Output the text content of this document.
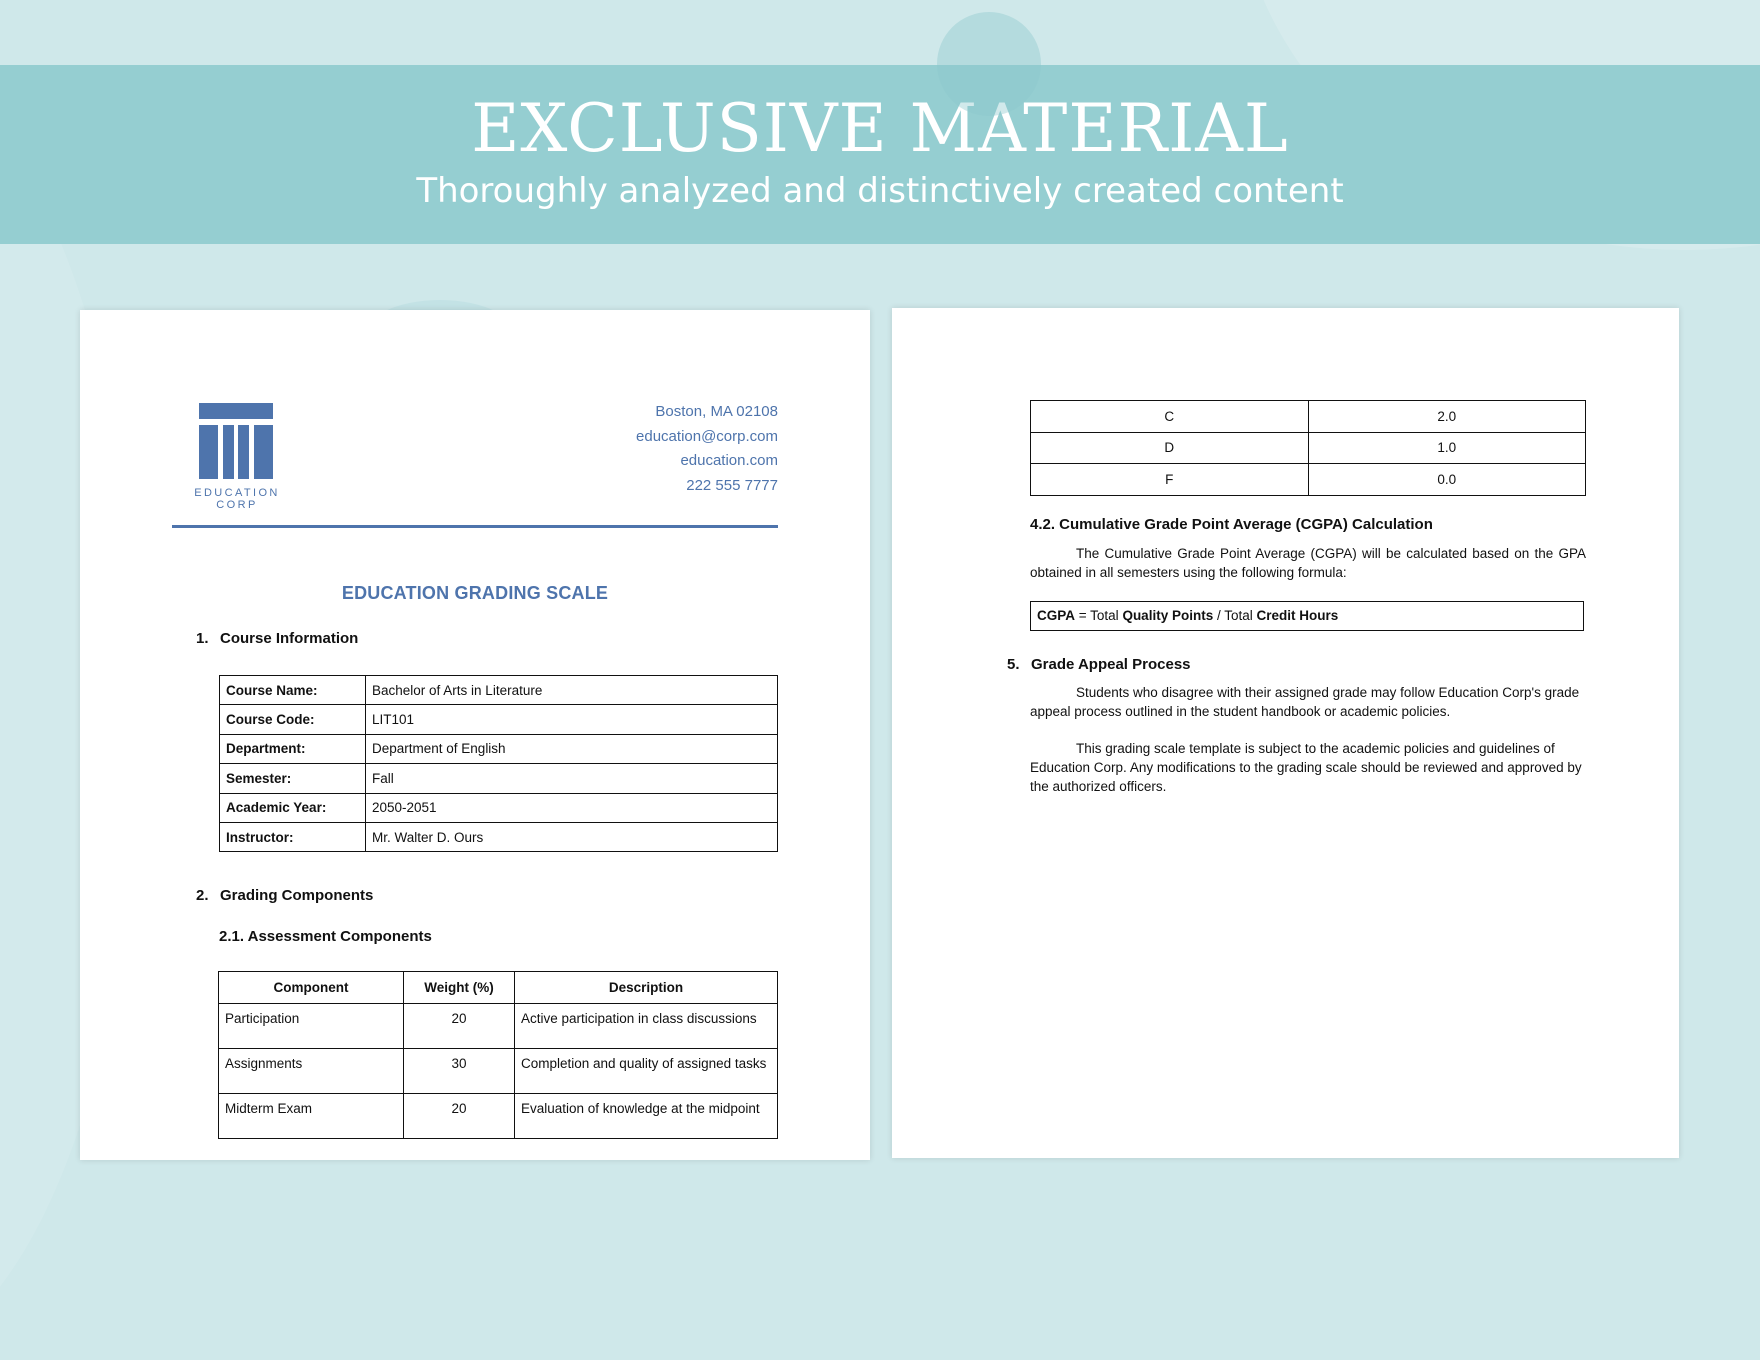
EXCLUSIVE MATERIAL
Thoroughly analyzed and distinctively created content
EDUCATION CORP
Boston, MA 02108
education@corp.com
education.com
222 555 7777
EDUCATION GRADING SCALE
1. Course Information
Course Name:	Bachelor of Arts in Literature
Course Code:	LIT101
Department:	Department of English
Semester:	Fall
Academic Year:	2050-2051
Instructor:	Mr. Walter D. Ours
2. Grading Components
2.1. Assessment Components
Component	Weight (%)	Description
Participation	20	Active participation in class discussions
Assignments	30	Completion and quality of assigned tasks
Midterm Exam	20	Evaluation of knowledge at the midpoint
C	2.0
D	1.0
F	0.0
4.2. Cumulative Grade Point Average (CGPA) Calculation
The Cumulative Grade Point Average (CGPA) will be calculated based on the GPA obtained in all semesters using the following formula:
CGPA = Total Quality Points / Total Credit Hours
5. Grade Appeal Process
Students who disagree with their assigned grade may follow Education Corp's grade appeal process outlined in the student handbook or academic policies.
This grading scale template is subject to the academic policies and guidelines of Education Corp. Any modifications to the grading scale should be reviewed and approved by the authorized officers.
